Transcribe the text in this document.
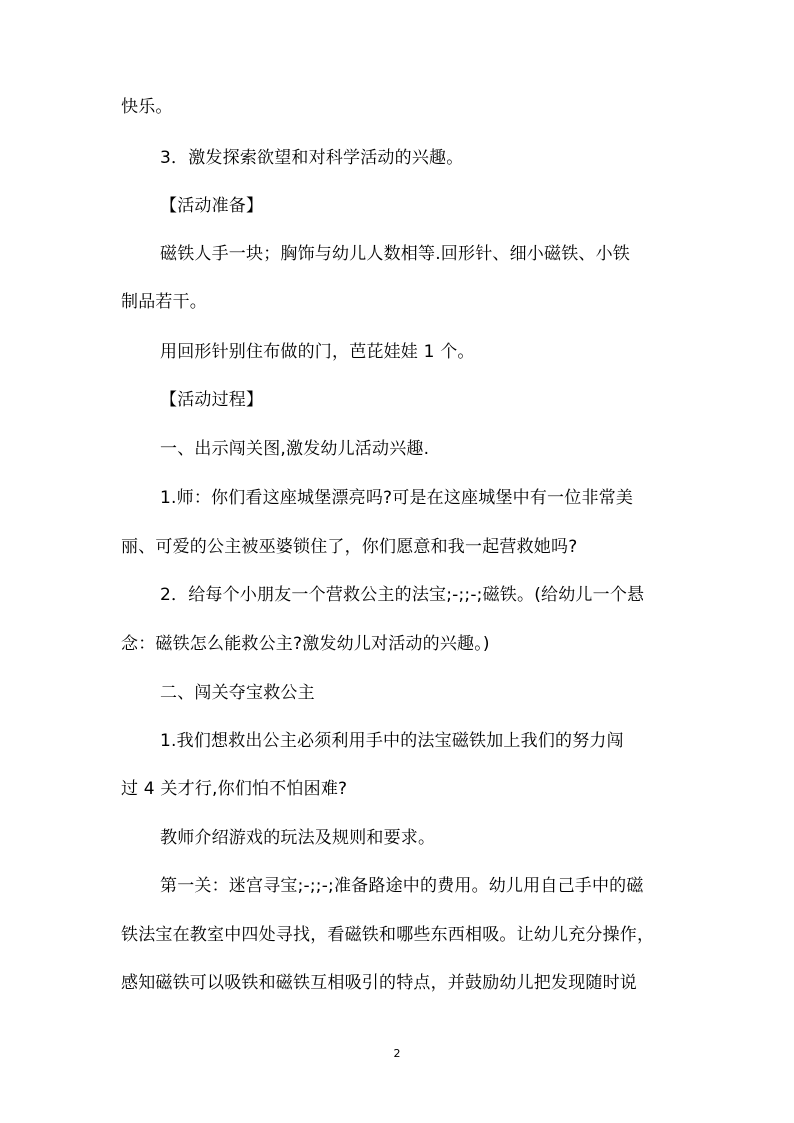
快乐。
3．激发探索欲望和对科学活动的兴趣。
【活动准备】
磁铁人手一块；胸饰与幼儿人数相等.回形针、细小磁铁、小铁
制品若干。
用回形针别住布做的门，芭芘娃娃 1 个。
【活动过程】
一、出示闯关图,激发幼儿活动兴趣.
1.师：你们看这座城堡漂亮吗?可是在这座城堡中有一位非常美
丽、可爱的公主被巫婆锁住了，你们愿意和我一起营救她吗?
2．给每个小朋友一个营救公主的法宝;-;;-;磁铁。(给幼儿一个悬
念：磁铁怎么能救公主?激发幼儿对活动的兴趣。)
二、闯关夺宝救公主
1.我们想救出公主必须利用手中的法宝磁铁加上我们的努力闯
过 4 关才行,你们怕不怕困难?
教师介绍游戏的玩法及规则和要求。
第一关：迷宫寻宝;-;;-;准备路途中的费用。幼儿用自己手中的磁
铁法宝在教室中四处寻找，看磁铁和哪些东西相吸。让幼儿充分操作，
感知磁铁可以吸铁和磁铁互相吸引的特点，并鼓励幼儿把发现随时说
2
